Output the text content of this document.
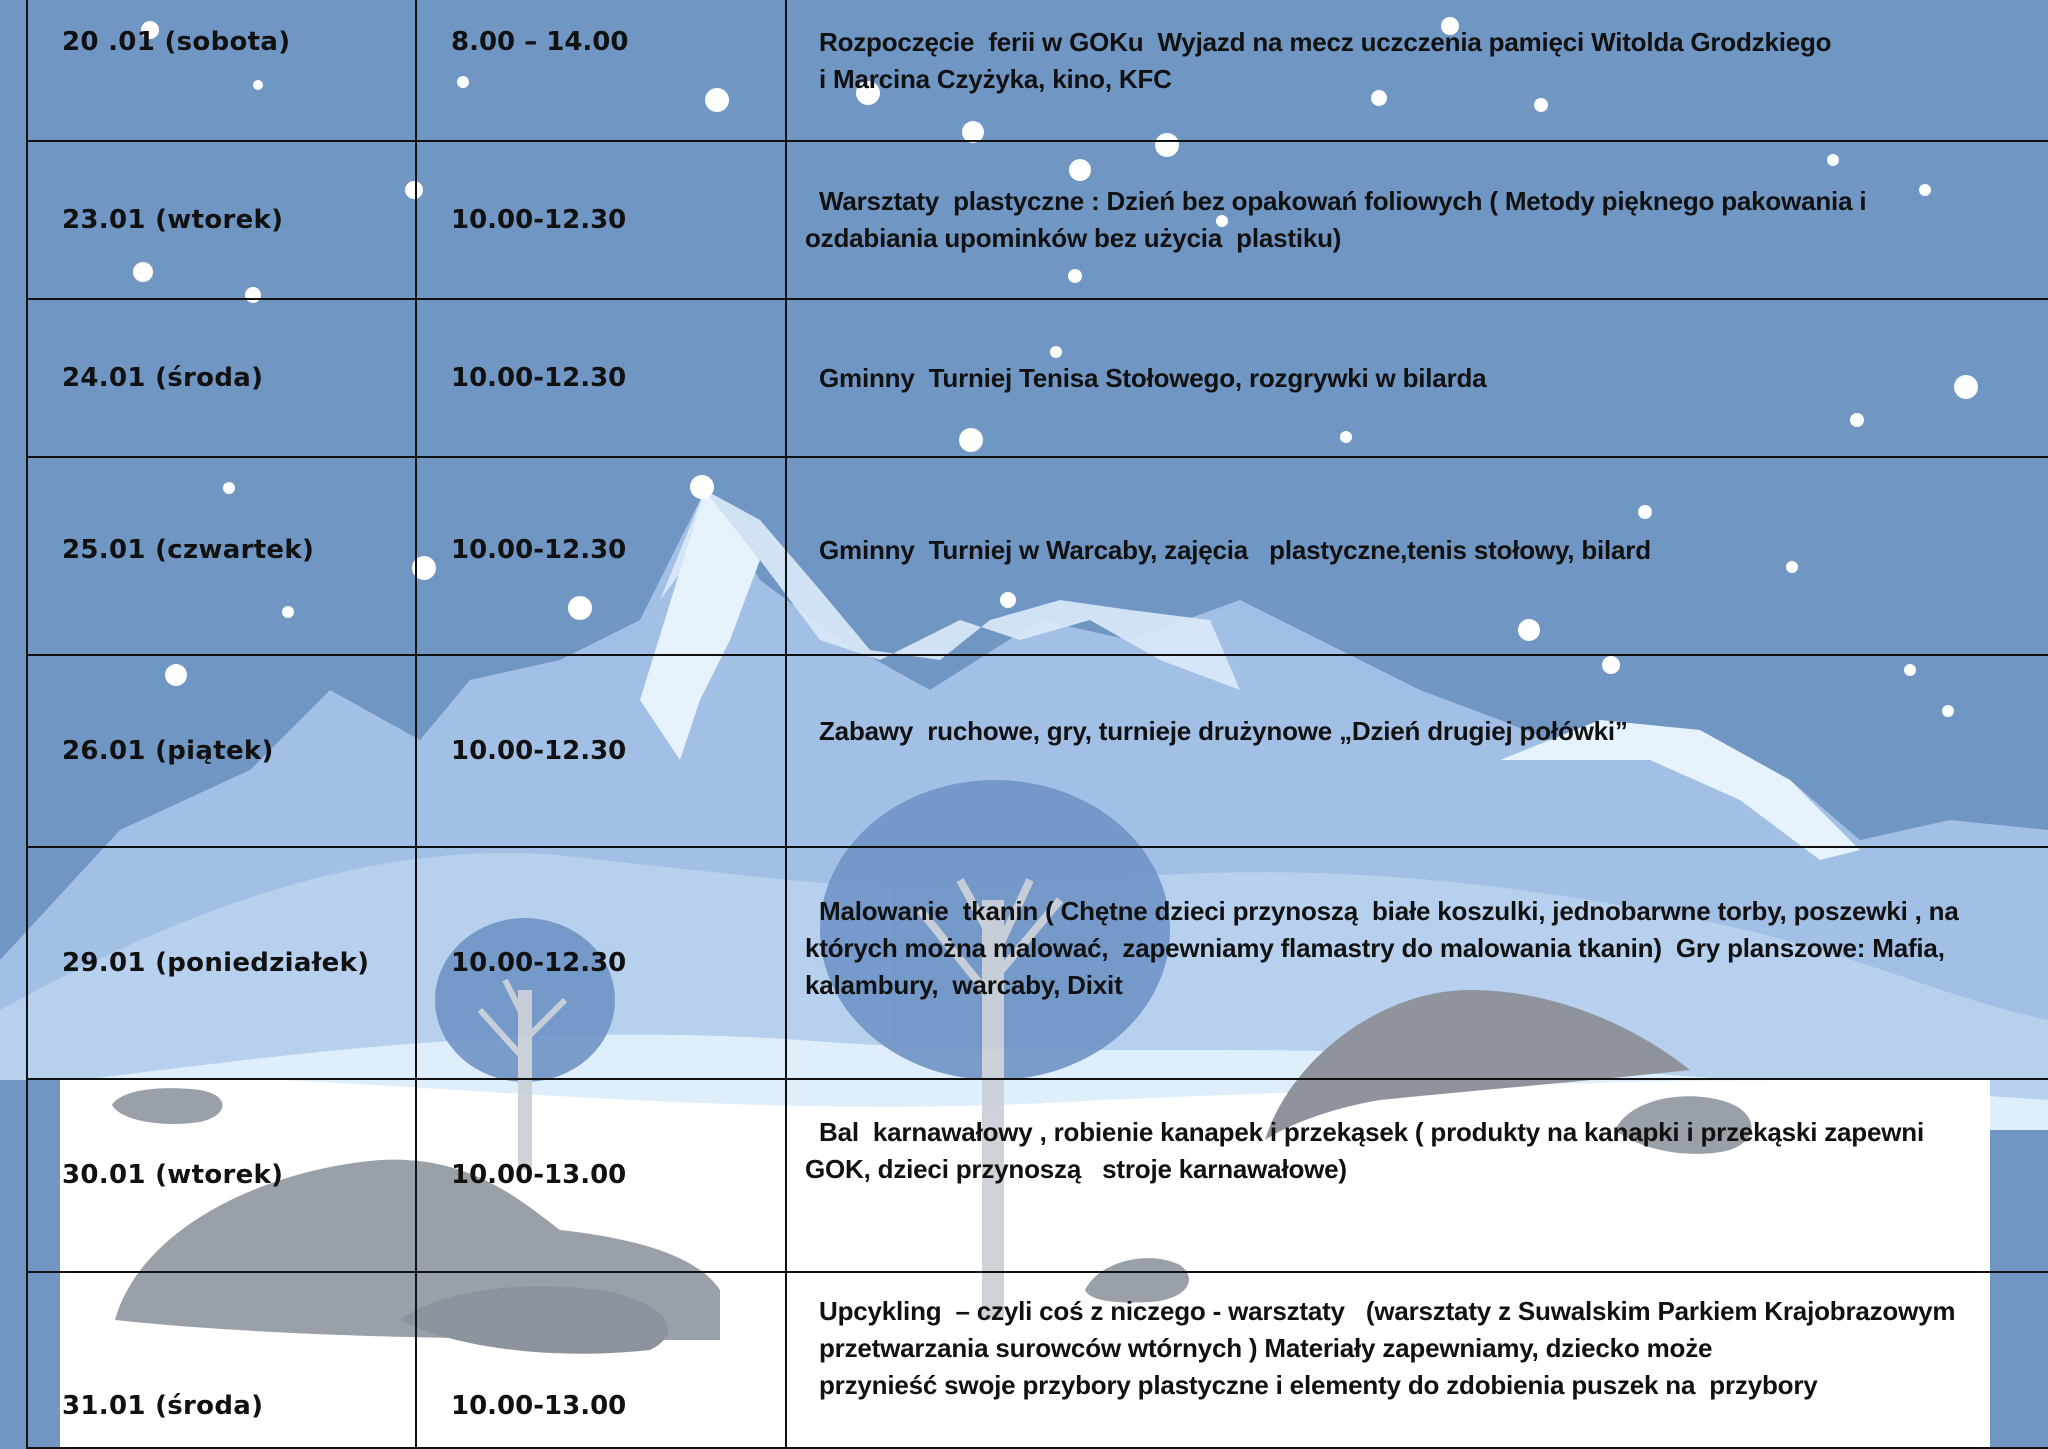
20 .01 (sobota)	8.00 – 14.00	Rozpoczęcie  ferii w GOKu  Wyjazd na mecz uczczenia pamięci Witolda Grodzkiego
i Marcina Czyżyka, kino, KFC

23.01 (wtorek)	10.00-12.30	Warsztaty  plastyczne : Dzień bez opakowań foliowych ( Metody pięknego pakowania i
ozdabiania upominków bez użycia  plastiku)

24.01 (środa)	10.00-12.30	Gminny  Turniej Tenisa Stołowego, rozgrywki w bilarda

25.01 (czwartek)	10.00-12.30	Gminny  Turniej w Warcaby, zajęcia   plastyczne,tenis stołowy, bilard

26.01 (piątek)	10.00-12.30	Zabawy  ruchowe, gry, turnieje drużynowe „Dzień drugiej połówki”

29.01 (poniedziałek)	10.00-12.30	Malowanie  tkanin ( Chętne dzieci przynoszą  białe koszulki, jednobarwne torby, poszewki , na
których można malować,  zapewniamy flamastry do malowania tkanin)  Gry planszowe: Mafia,
kalambury,  warcaby, Dixit

30.01 (wtorek)	10.00-13.00	Bal  karnawałowy , robienie kanapek i przekąsek ( produkty na kanapki i przekąski zapewni
GOK, dzieci przynoszą   stroje karnawałowe)

31.01 (środa)	10.00-13.00	Upcykling  – czyli coś z niczego - warsztaty   (warsztaty z Suwalskim Parkiem Krajobrazowym
przetwarzania surowców wtórnych ) Materiały zapewniamy, dziecko może
przynieść swoje przybory plastyczne i elementy do zdobienia puszek na  przybory
